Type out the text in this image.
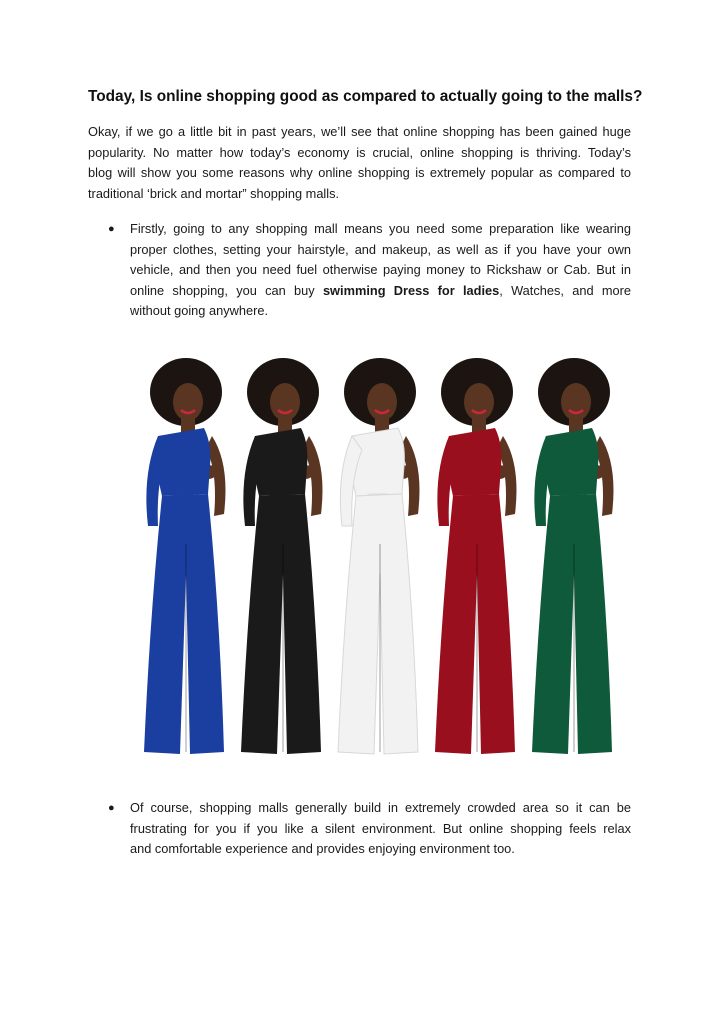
Today, Is online shopping good as compared to actually going to the malls?
Okay, if we go a little bit in past years, we’ll see that online shopping has been gained huge
popularity. No matter how today’s economy is crucial, online shopping is thriving. Today’s
blog will show you some reasons why online shopping is extremely popular as compared to
traditional ‘brick and mortar” shopping malls.
● Firstly, going to any shopping mall means you need some preparation like wearing
proper clothes, setting your hairstyle, and makeup, as well as if you have your own
vehicle, and then you need fuel otherwise paying money to Rickshaw or Cab. But in
online shopping, you can buy swimming Dress for ladies, Watches, and more
without going anywhere.
● Of course, shopping malls generally build in extremely crowded area so it can be
frustrating for you if you like a silent environment. But online shopping feels relax
and comfortable experience and provides enjoying environment too.
